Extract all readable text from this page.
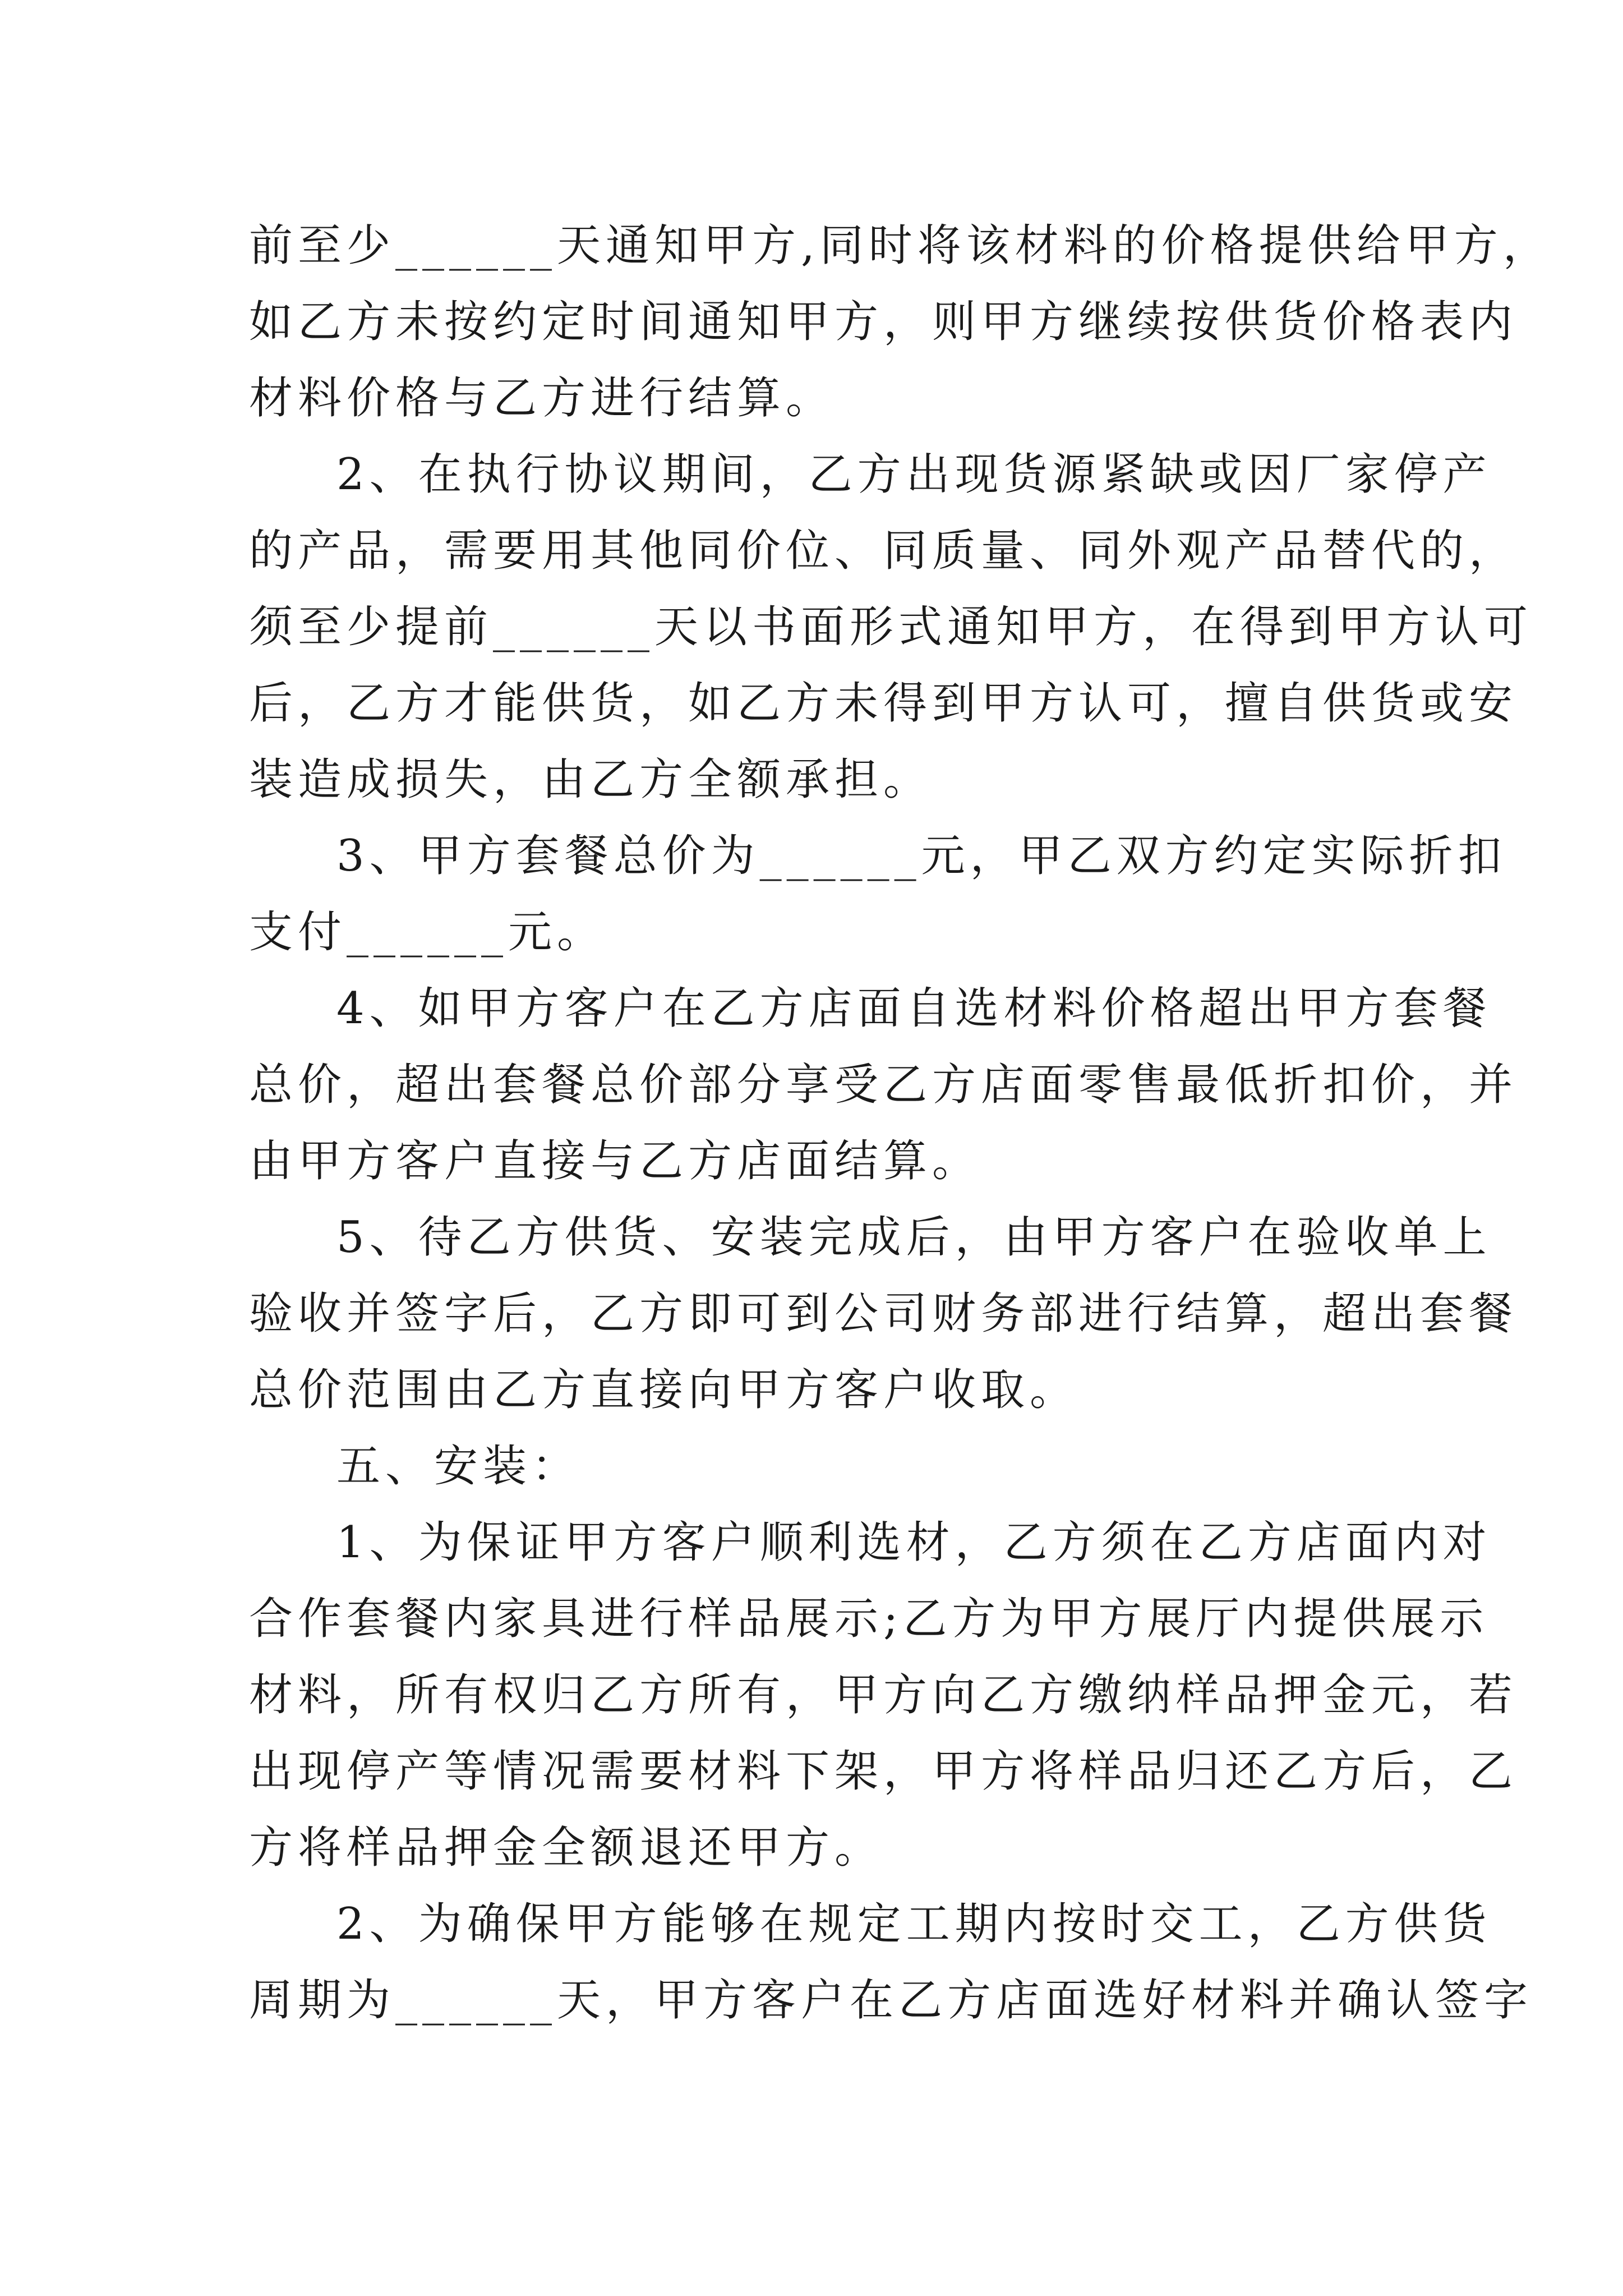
前至少______天通知甲方,同时将该材料的价格提供给甲方，
如乙方未按约定时间通知甲方，则甲方继续按供货价格表内
材料价格与乙方进行结算。
2、在执行协议期间，乙方出现货源紧缺或因厂家停产
的产品，需要用其他同价位、同质量、同外观产品替代的，
须至少提前______天以书面形式通知甲方，在得到甲方认可
后，乙方才能供货，如乙方未得到甲方认可，擅自供货或安
装造成损失，由乙方全额承担。
3、甲方套餐总价为______元，甲乙双方约定实际折扣
支付______元。
4、如甲方客户在乙方店面自选材料价格超出甲方套餐
总价，超出套餐总价部分享受乙方店面零售最低折扣价，并
由甲方客户直接与乙方店面结算。
5、待乙方供货、安装完成后，由甲方客户在验收单上
验收并签字后，乙方即可到公司财务部进行结算，超出套餐
总价范围由乙方直接向甲方客户收取。
五、安装：
1、为保证甲方客户顺利选材，乙方须在乙方店面内对
合作套餐内家具进行样品展示;乙方为甲方展厅内提供展示
材料，所有权归乙方所有，甲方向乙方缴纳样品押金元，若
出现停产等情况需要材料下架，甲方将样品归还乙方后，乙
方将样品押金全额退还甲方。
2、为确保甲方能够在规定工期内按时交工，乙方供货
周期为______天，甲方客户在乙方店面选好材料并确认签字
